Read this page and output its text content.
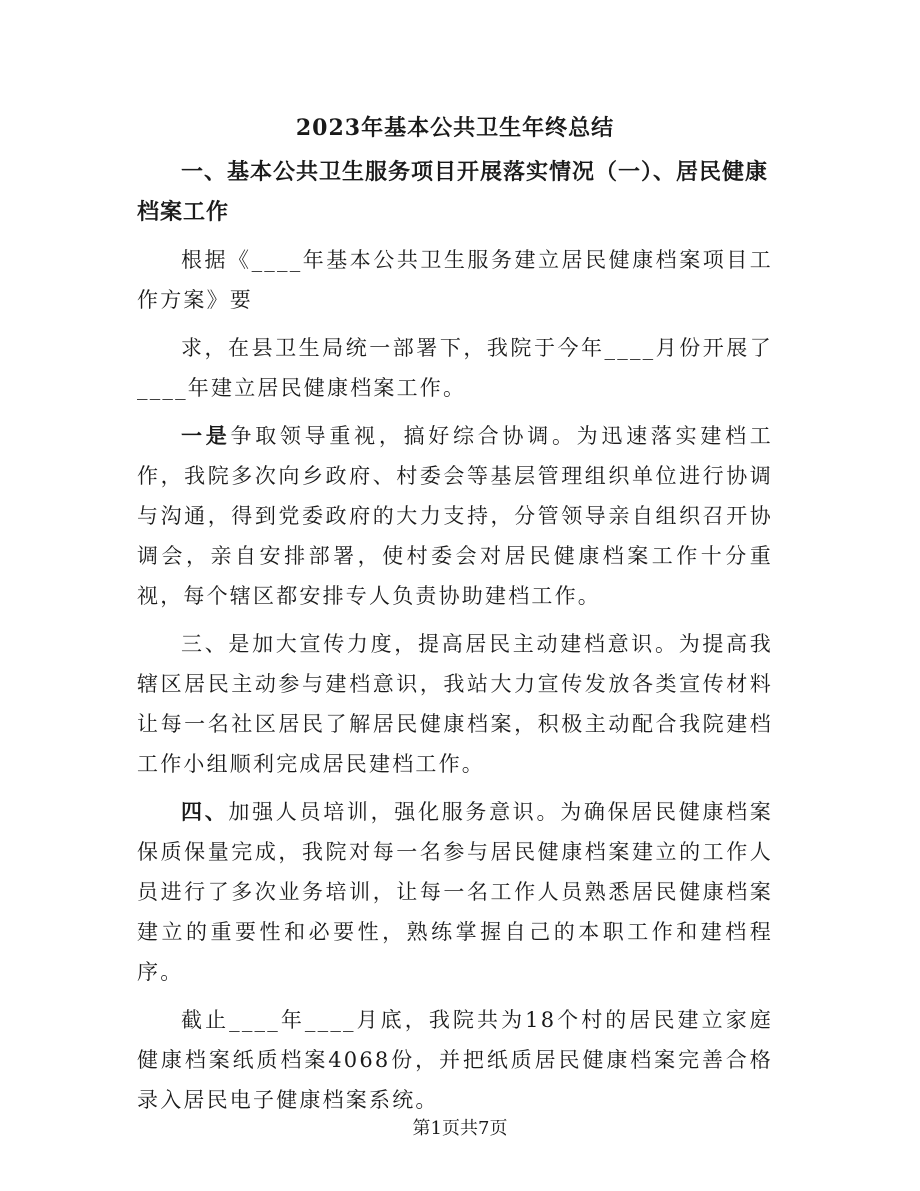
2023年基本公共卫生年终总结
一、基本公共卫生服务项目开展落实情况（一）、居民健康档案工作

根据《____年基本公共卫生服务建立居民健康档案项目工作方案》要

求，在县卫生局统一部署下，我院于今年____月份开展了____年建立居民健康档案工作。

一是争取领导重视，搞好综合协调。为迅速落实建档工作，我院多次向乡政府、村委会等基层管理组织单位进行协调与沟通，得到党委政府的大力支持，分管领导亲自组织召开协调会，亲自安排部署，使村委会对居民健康档案工作十分重视，每个辖区都安排专人负责协助建档工作。

三、是加大宣传力度，提高居民主动建档意识。为提高我辖区居民主动参与建档意识，我站大力宣传发放各类宣传材料让每一名社区居民了解居民健康档案，积极主动配合我院建档工作小组顺利完成居民建档工作。

四、加强人员培训，强化服务意识。为确保居民健康档案保质保量完成，我院对每一名参与居民健康档案建立的工作人员进行了多次业务培训，让每一名工作人员熟悉居民健康档案建立的重要性和必要性，熟练掌握自己的本职工作和建档程序。

截止____年____月底，我院共为18个村的居民建立家庭健康档案纸质档案4068份，并把纸质居民健康档案完善合格录入居民电子健康档案系统。

第1页共7页
